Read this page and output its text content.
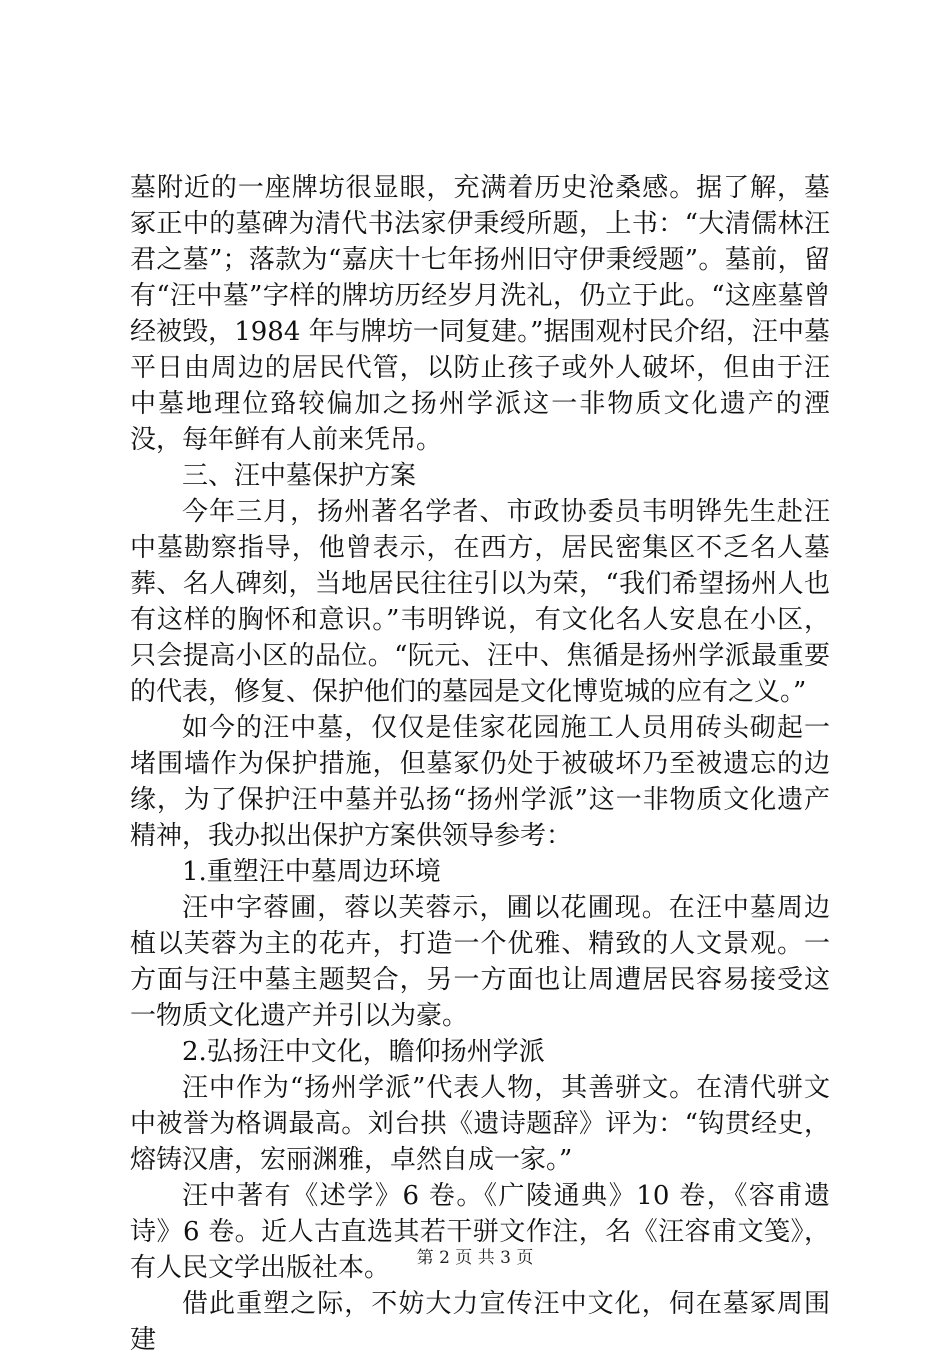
墓附近的一座牌坊很显眼，充满着历史沧桑感。据了解，墓冢正中的墓碑为清代书法家伊秉绶所题，上书：“大清儒林汪君之墓”；落款为“嘉庆十七年扬州旧守伊秉绶题”。墓前，留有“汪中墓”字样的牌坊历经岁月洗礼，仍立于此。“这座墓曾经被毁，1984 年与牌坊一同复建。”据围观村民介绍，汪中墓平日由周边的居民代管，以防止孩子或外人破坏，但由于汪中墓地理位臵较偏加之扬州学派这一非物质文化遗产的湮没，每年鲜有人前来凭吊。

三、汪中墓保护方案

今年三月，扬州著名学者、市政协委员韦明铧先生赴汪中墓勘察指导，他曾表示，在西方，居民密集区不乏名人墓葬、名人碑刻，当地居民往往引以为荣，“我们希望扬州人也有这样的胸怀和意识。”韦明铧说，有文化名人安息在小区，只会提高小区的品位。“阮元、汪中、焦循是扬州学派最重要的代表，修复、保护他们的墓园是文化博览城的应有之义。”

如今的汪中墓，仅仅是佳家花园施工人员用砖头砌起一堵围墙作为保护措施，但墓冢仍处于被破坏乃至被遗忘的边缘，为了保护汪中墓并弘扬“扬州学派”这一非物质文化遗产精神，我办拟出保护方案供领导参考：

1.重塑汪中墓周边环境

汪中字蓉圃，蓉以芙蓉示，圃以花圃现。在汪中墓周边植以芙蓉为主的花卉，打造一个优雅、精致的人文景观。一方面与汪中墓主题契合，另一方面也让周遭居民容易接受这一物质文化遗产并引以为豪。

2.弘扬汪中文化，瞻仰扬州学派

汪中作为“扬州学派”代表人物，其善骈文。在清代骈文中被誉为格调最高。刘台拱《遗诗题辞》评为：“钩贯经史，熔铸汉唐，宏丽渊雅，卓然自成一家。”

汪中著有《述学》6 卷。《广陵通典》10 卷，《容甫遗诗》6 卷。近人古直选其若干骈文作注，名《汪容甫文笺》，有人民文学出版社本。

借此重塑之际，不妨大力宣传汪中文化，伺在墓冢周围建

第 2 页 共 3 页
